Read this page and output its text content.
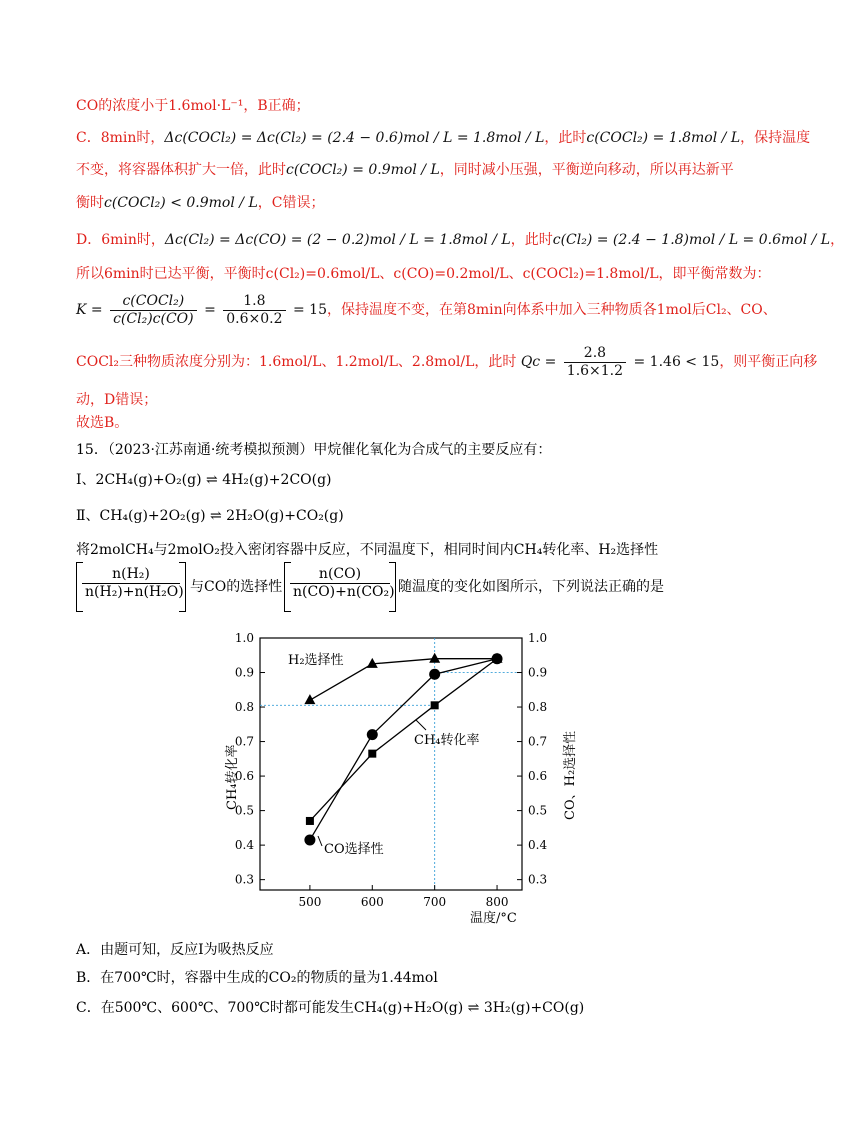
CO的浓度小于1.6mol·L⁻¹，B正确；
C．8min时，Δc(COCl₂) = Δc(Cl₂) = (2.4 − 0.6)mol / L = 1.8mol / L，此时c(COCl₂) = 1.8mol / L，保持温度
不变，将容器体积扩大一倍，此时c(COCl₂) = 0.9mol / L，同时减小压强，平衡逆向移动，所以再达新平
衡时c(COCl₂) < 0.9mol / L，C错误；
D．6min时，Δc(Cl₂) = Δc(CO) = (2 − 0.2)mol / L = 1.8mol / L，此时c(Cl₂) = (2.4 − 1.8)mol / L = 0.6mol / L，
所以6min时已达平衡，平衡时c(Cl₂)=0.6mol/L、c(CO)=0.2mol/L、c(COCl₂)=1.8mol/L，即平衡常数为：
$K = \frac{\text{c(COCl₂)}}{\text{c(Cl₂)c(CO)}} = \frac{1.8}{0.6\times 0.2} = 15$，保持温度不变，在第8min向体系中加入三种物质各1mol后Cl₂、CO、
COCl₂三种物质浓度分别为：1.6mol/L、1.2mol/L、2.8mol/L，此时 $Qc = \frac{2.8}{1.6\times 1.2} = 1.46 < 15$，则平衡正向移
动，D错误；
故选B。
15．（2023·江苏南通·统考模拟预测）甲烷催化氧化为合成气的主要反应有：
Ⅰ、2CH₄(g)+O₂(g) ⇌ 4H₂(g)+2CO(g)
Ⅱ、CH₄(g)+2O₂(g) ⇌ 2H₂O(g)+CO₂(g)
将2molCH₄与2molO₂投入密闭容器中反应，不同温度下，相同时间内CH₄转化率、H₂选择性
$\frac{\text{n(H₂)}}{\text{n(H₂)+n(H₂O)}}$ 与CO的选择性 $\frac{n(CO)}{\text{n(CO)+n(CO₂)}}$ 随温度的变化如图所示，下列说法正确的是
0.3	0.3
0.4	0.4
0.5	0.5
0.6	0.6
0.7	0.7
0.8	0.8
0.9	0.9
1.0	1.0
500	600	700	800
H₂选择性
CH₄转化率
CO选择性
温度/°C
CH₄转化率	CO、H₂选择性
A．由题可知，反应Ⅰ为吸热反应
B．在700℃时，容器中生成的CO₂的物质的量为1.44mol
C．在500℃、600℃、700℃时都可能发生CH₄(g)+H₂O(g) ⇌ 3H₂(g)+CO(g)
